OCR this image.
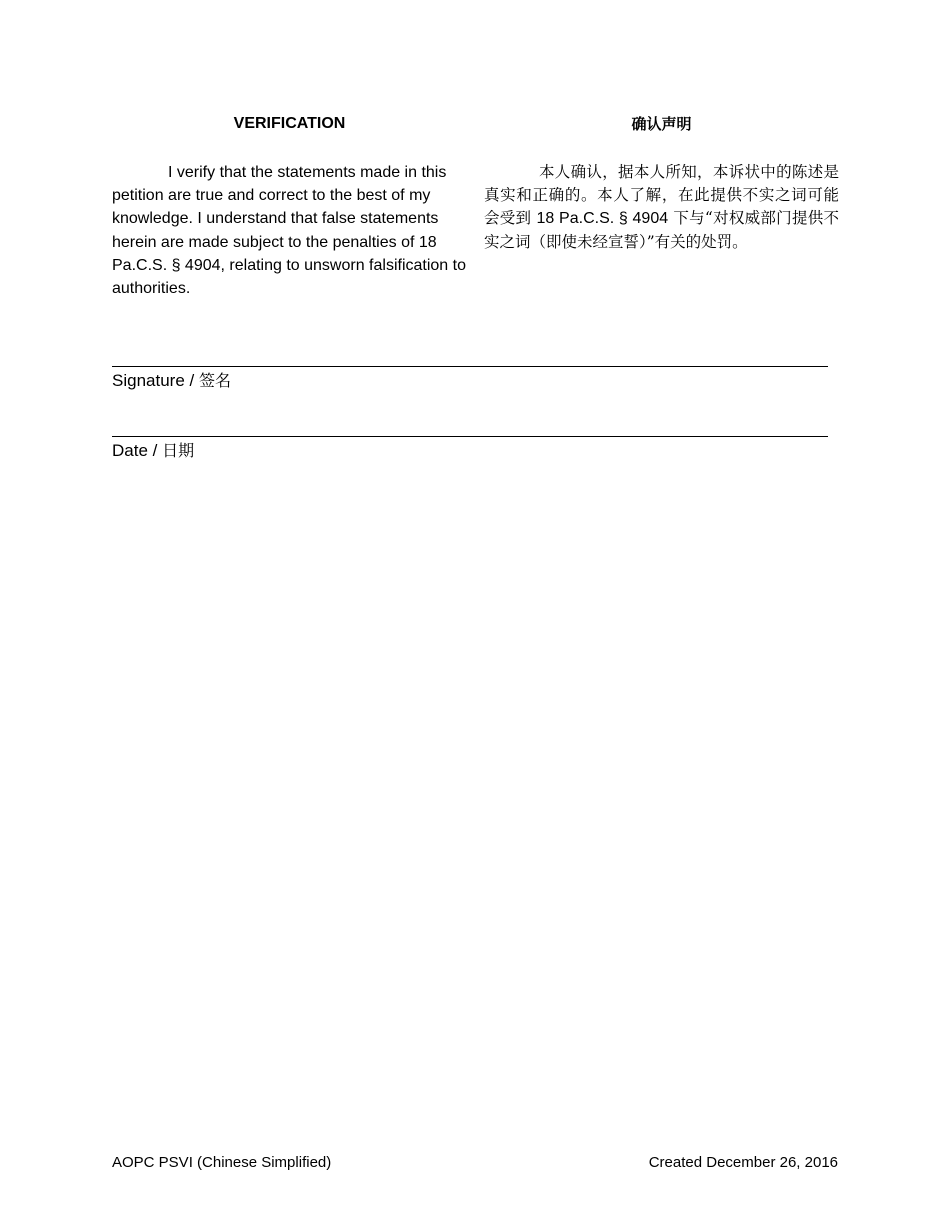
VERIFICATION

I verify that the statements made in this petition are true and correct to the best of my knowledge. I understand that false statements herein are made subject to the penalties of 18 Pa.C.S. § 4904, relating to unsworn falsification to authorities.

确认声明

本人确认，据本人所知，本诉状中的陈述是真实和正确的。本人了解，在此提供不实之词可能会受到 18 Pa.C.S. § 4904 下与“对权威部门提供不实之词（即使未经宣誓）”有关的处罚。

Signature / 签名
Date / 日期
AOPC PSVI (Chinese Simplified)	Created December 26, 2016
